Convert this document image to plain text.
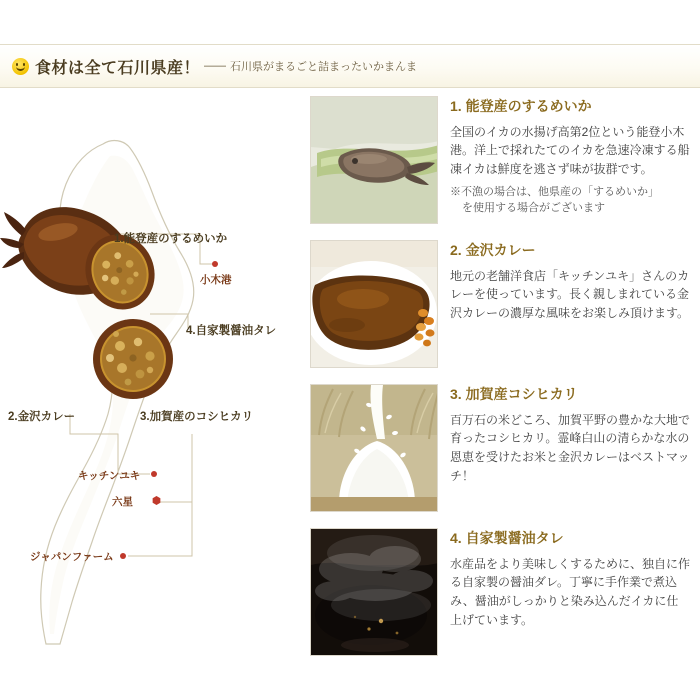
食材は全て石川県産！ —— 石川県がまるごと詰まったいかまんま
1.能登産のするめいか
4.自家製醤油タレ
2.金沢カレー	3.加賀産のコシヒカリ
小木港
キッチンユキ
六星
ジャパンファーム
1. 能登産のするめいか

全国のイカの水揚げ高第2位という能登小木港。洋上で採れたてのイカを急速冷凍する船凍イカは鮮度を逃さず味が抜群です。

※不漁の場合は、他県産の「するめいか」
を使用する場合がございます

2. 金沢カレー

地元の老舗洋食店「キッチンユキ」さんのカレーを使っています。長く親しまれている金沢カレーの濃厚な風味をお楽しみ頂けます。

3. 加賀産コシヒカリ

百万石の米どころ、加賀平野の豊かな大地で育ったコシヒカリ。霊峰白山の清らかな水の恩恵を受けたお米と金沢カレーはベストマッチ！

4. 自家製醤油タレ

水産品をより美味しくするために、独自に作る自家製の醤油ダレ。丁寧に手作業で煮込み、醤油がしっかりと染み込んだイカに仕上げています。
